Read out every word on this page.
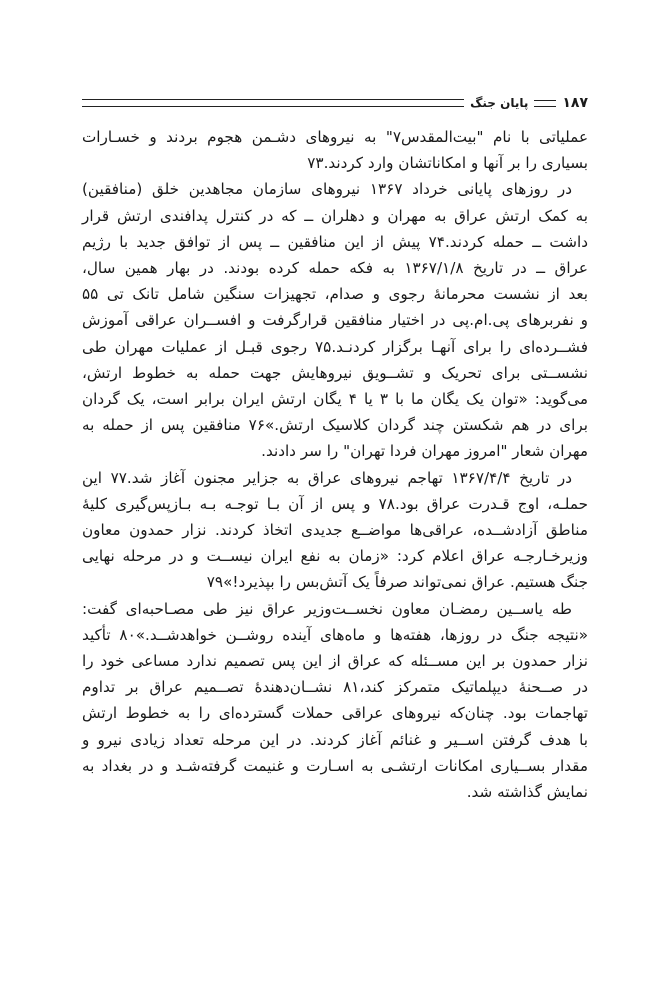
۱۸۷
پایان جنگ

عملیاتی با نام "بیت‌المقدس۷" به نیروهای دشـمن هجوم بردند و خسـارات
بسیاری را بر آنها و امکاناتشان وارد کردند.۷۳

در روزهای پایانی خرداد ۱۳۶۷ نیروهای سازمان مجاهدین خلق (منافقین)
به کمک ارتش عراق به مهران و دهلران ــ که در کنترل پدافندی ارتش قرار
داشت ــ حمله کردند.۷۴ پیش از این منافقین ــ پس از توافق جدید با رژیم
عراق ــ در تاریخ ۱۳۶۷/۱/۸ به فکه حمله کرده بودند. در بهار همین سال،
بعد از نشست محرمانهٔ رجوی و صدام، تجهیزات سنگین شامل تانک تی ۵۵
و نفربرهای پی.ام.پی در اختیار منافقین قرارگرفت و افســران عراقی آموزش
فشــرده‌ای را برای آنهـا برگزار کردنـد.۷۵ رجوی قبـل از عملیات مهران طی
نشســتی برای تحریک و تشــویق نیروهایش جهت حمله به خطوط ارتش،
می‌گوید: «توان یک یگان ما با ۳ یا ۴ یگان ارتش ایران برابر است، یک گردان
برای در هم شکستن چند گردان کلاسیک ارتش.»۷۶ منافقین پس از حمله به
مهران شعار "امروز مهران فردا تهران" را سر دادند.

در تاریخ ۱۳۶۷/۴/۴ تهاجم نیروهای عراق به جزایر مجنون آغاز شد.۷۷ این
حملـه، اوج قـدرت عراق بود.۷۸ و پس از آن بـا توجـه بـه بـازپس‌گیری کلیهٔ
مناطق آزادشــده، عراقی‌ها مواضــع جدیدی اتخاذ کردند. نزار حمدون معاون
وزیرخـارجـه عراق اعلام کرد: «زمان به نفع ایران نیســت و در مرحله نهایی
جنگ هستیم. عراق نمی‌تواند صرفاً یک آتش‌بس را بپذیرد!»۷۹

طه یاســین رمضـان معاون نخســت‌وزیر عراق نیز طی مصـاحبه‌ای گفت:
«نتیجه جنگ در روزها، هفته‌ها و ماه‌های آینده روشــن خواهدشــد.»۸۰ تأکید
نزار حمدون بر این مســئله که عراق از این پس تصمیم ندارد مساعی خود را
در صــحنهٔ دیپلماتیک متمرکز کند،۸۱ نشــان‌دهندهٔ تصــمیم عراق بر تداوم
تهاجمات بود. چنان‌که نیروهای عراقی حملات گسترده‌ای را به خطوط ارتش
با هدف گرفتن اســیر و غنائم آغاز کردند. در این مرحله تعداد زیادی نیرو و
مقدار بســیاری امکانات ارتشـی به اسـارت و غنیمت گرفته‌شـد و در بغداد به
نمایش گذاشته شد.
